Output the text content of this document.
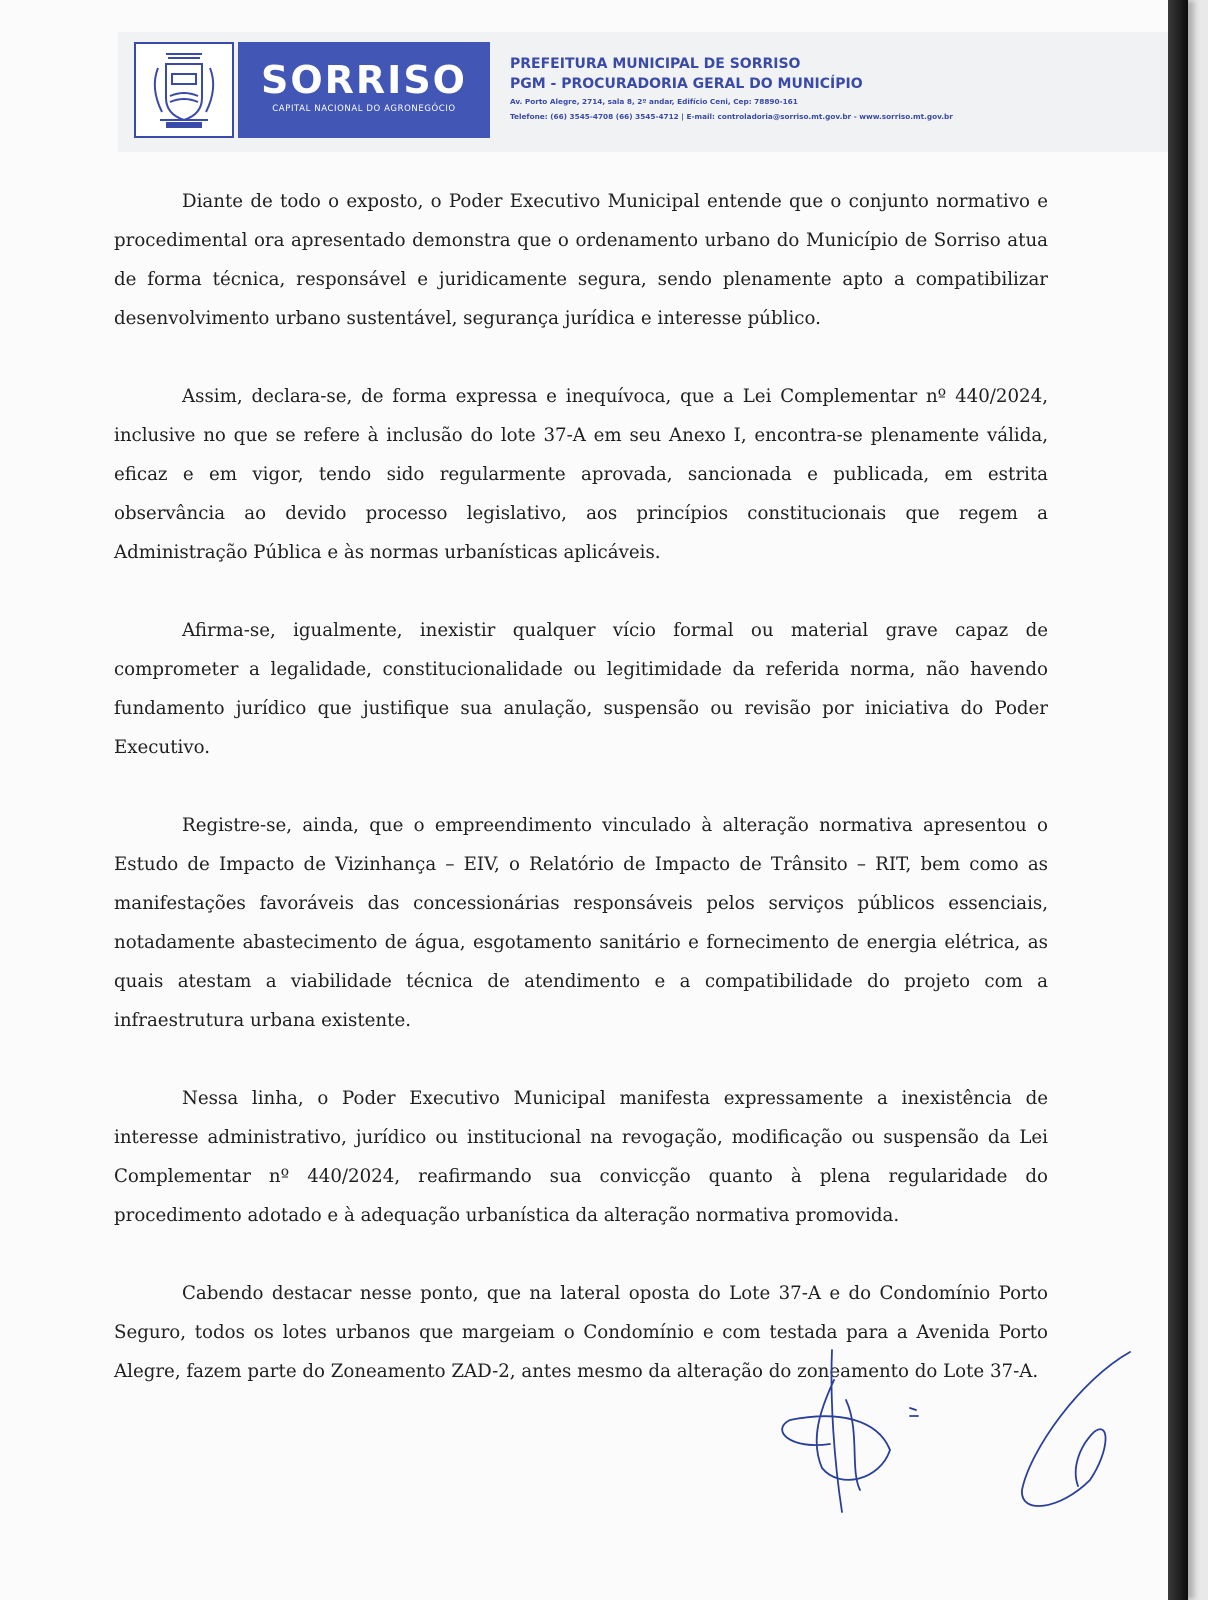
SORRISO
CAPITAL NACIONAL DO AGRONEGÓCIO
PREFEITURA MUNICIPAL DE SORRISO
PGM - PROCURADORIA GERAL DO MUNICÍPIO
Av. Porto Alegre, 2714, sala 8, 2º andar, Edifício Ceni, Cep: 78890-161
Telefone: (66) 3545-4708 (66) 3545-4712 | E-mail: controladoria@sorriso.mt.gov.br - www.sorriso.mt.gov.br

Diante de todo o exposto, o Poder Executivo Municipal entende que o conjunto normativo e procedimental ora apresentado demonstra que o ordenamento urbano do Município de Sorriso atua de forma técnica, responsável e juridicamente segura, sendo plenamente apto a compatibilizar desenvolvimento urbano sustentável, segurança jurídica e interesse público.

Assim, declara-se, de forma expressa e inequívoca, que a Lei Complementar nº 440/2024, inclusive no que se refere à inclusão do lote 37-A em seu Anexo I, encontra-se plenamente válida, eficaz e em vigor, tendo sido regularmente aprovada, sancionada e publicada, em estrita observância ao devido processo legislativo, aos princípios constitucionais que regem a Administração Pública e às normas urbanísticas aplicáveis.

Afirma-se, igualmente, inexistir qualquer vício formal ou material grave capaz de comprometer a legalidade, constitucionalidade ou legitimidade da referida norma, não havendo fundamento jurídico que justifique sua anulação, suspensão ou revisão por iniciativa do Poder Executivo.

Registre-se, ainda, que o empreendimento vinculado à alteração normativa apresentou o Estudo de Impacto de Vizinhança – EIV, o Relatório de Impacto de Trânsito – RIT, bem como as manifestações favoráveis das concessionárias responsáveis pelos serviços públicos essenciais, notadamente abastecimento de água, esgotamento sanitário e fornecimento de energia elétrica, as quais atestam a viabilidade técnica de atendimento e a compatibilidade do projeto com a infraestrutura urbana existente.

Nessa linha, o Poder Executivo Municipal manifesta expressamente a inexistência de interesse administrativo, jurídico ou institucional na revogação, modificação ou suspensão da Lei Complementar nº 440/2024, reafirmando sua convicção quanto à plena regularidade do procedimento adotado e à adequação urbanística da alteração normativa promovida.

Cabendo destacar nesse ponto, que na lateral oposta do Lote 37-A e do Condomínio Porto Seguro, todos os lotes urbanos que margeiam o Condomínio e com testada para a Avenida Porto Alegre, fazem parte do Zoneamento ZAD-2, antes mesmo da alteração do zoneamento do Lote 37-A.
